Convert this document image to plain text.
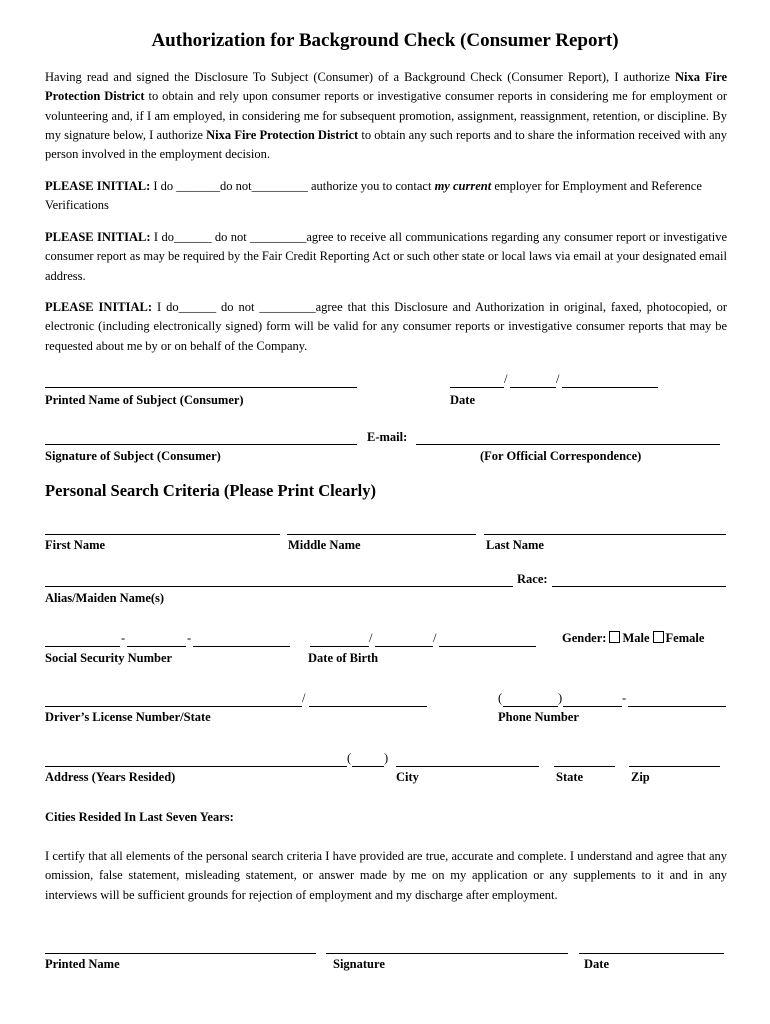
Authorization for Background Check (Consumer Report)
Having read and signed the Disclosure To Subject (Consumer) of a Background Check (Consumer Report), I authorize Nixa Fire Protection District to obtain and rely upon consumer reports or investigative consumer reports in considering me for employment or volunteering and, if I am employed, in considering me for subsequent promotion, assignment, reassignment, retention, or discipline. By my signature below, I authorize Nixa Fire Protection District to obtain any such reports and to share the information received with any person involved in the employment decision.
PLEASE INITIAL: I do _______do not_________ authorize you to contact my current employer for Employment and Reference Verifications
PLEASE INITIAL: I do______ do not _________agree to receive all communications regarding any consumer report or investigative consumer report as may be required by the Fair Credit Reporting Act or such other state or local laws via email at your designated email address.
PLEASE INITIAL: I do______ do not _________agree that this Disclosure and Authorization in original, faxed, photocopied, or electronic (including electronically signed) form will be valid for any consumer reports or investigative consumer reports that may be requested about me by or on behalf of the Company.
/	/
Printed Name of Subject (Consumer)	Date
E-mail:
Signature of Subject (Consumer)	(For Official Correspondence)
Personal Search Criteria (Please Print Clearly)
First Name	Middle Name	Last Name
Race:
Alias/Maiden Name(s)
-	-	/	/	Gender: Male Female
Social Security Number	Date of Birth
/	(	)	-
Driver’s License Number/State	Phone Number
(	)
Address (Years Resided)	City	State	Zip
Cities Resided In Last Seven Years:
I certify that all elements of the personal search criteria I have provided are true, accurate and complete. I understand and agree that any omission, false statement, misleading statement, or answer made by me on my application or any supplements to it and in any interviews will be sufficient grounds for rejection of employment and my discharge after employment.
Printed Name	Signature	Date
